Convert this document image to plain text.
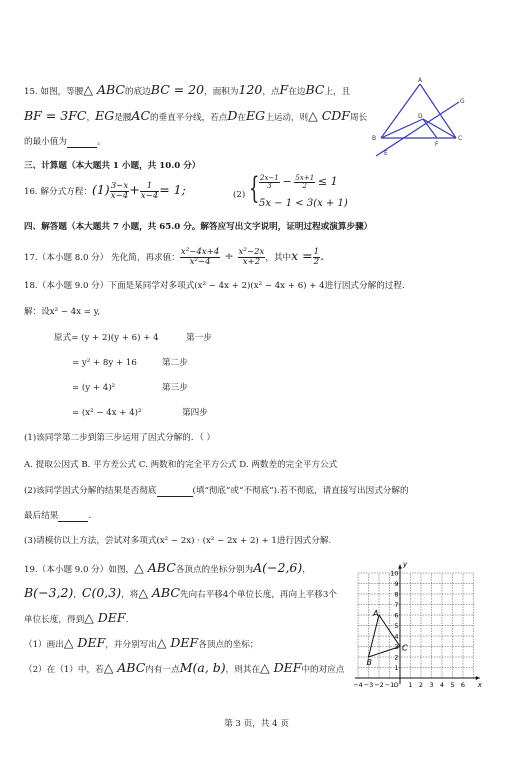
15. 如图，等腰△ ABC的底边BC = 20，面积为120，点F在边BC上，且
BF = 3FC，EG是腰AC的垂直平分线，若点D在EG上运动，则△ CDF周长
的最小值为	。
A
B	C
D
E
F
G
三、计算题（本大题共 1 小题，共 10.0 分）
16. 解分式方程：$(1) \frac{3-x}{x-4} + \frac{1}{x-4} = 1$;	(2) { $\frac{2x-1}{3} - \frac{5x+1}{2} \le 1$
5x − 1 < 3(x + 1)
四、解答题（本大题共 7 小题，共 65.0 分。解答应写出文字说明，证明过程或演算步骤）
17.（本小题 8.0 分） 先化简，再求值： $\frac{\text{x²−4x+4}}{\text{x²−4}} \div \frac{\text{x²−2x}}{x+2}$ ，其中$x = \frac{1}{2}$ .
18.（本小题 9.0 分）下面是某同学对多项式(x² − 4x + 2)(x² − 4x + 6) + 4进行因式分解的过程.
解：设x² − 4x = y,
原式= (y + 2)(y + 6) + 4	第一步
= y² + 8y + 16	第二步
= (y + 4)²	第三步
= (x² − 4x + 4)²	第四步
(1)该同学第二步到第三步运用了因式分解的．（ ）
A. 提取公因式 B. 平方差公式 C. 两数和的完全平方公式 D. 两数差的完全平方公式
(2)该同学因式分解的结果是否彻底	(填“彻底”或“不彻底”).若不彻底，请直接写出因式分解的
最后结果	.
(3)请模仿以上方法，尝试对多项式(x² − 2x) · (x² − 2x + 2) + 1进行因式分解.
19.（本小题 9.0 分）如图，△ ABC各顶点的坐标分别为A(−2,6)，
B(−3,2)，C(0,3)，将△ ABC先向右平移4个单位长度，再向上平移3个
单位长度，得到△ DEF.
（1）画出△ DEF，并分别写出△ DEF各顶点的坐标；
（2）在（1）中，若△ ABC内有一点M(a, b)，则其在△ DEF中的对应点
y
x
10
9
8
7
6
5
4
3
2
1
−4 −3 −2 −1 O 1 2 3 4 5 6
A
B
C
第 3 页，共 4 页
